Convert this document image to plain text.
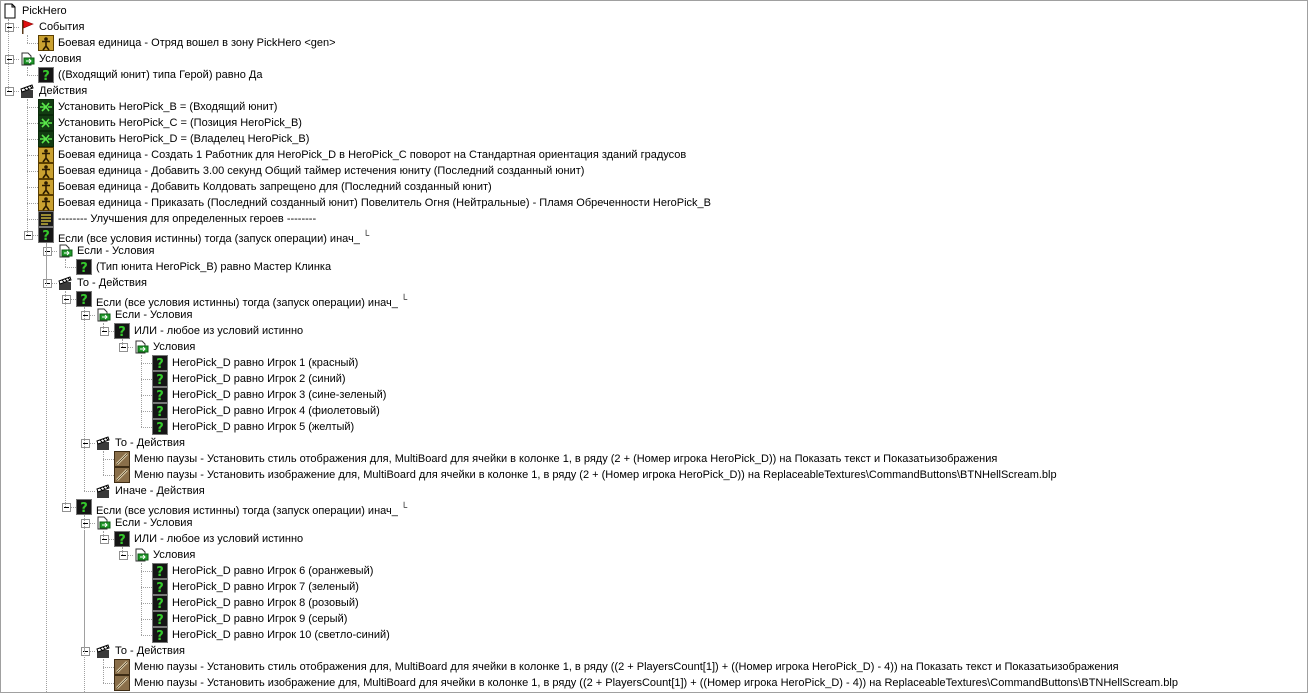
PickHero
События
Боевая единица - Отряд вошел в зону PickHero <gen>
Условия
? ((Входящий юнит) типа Герой) равно Да
Действия
Установить HeroPick_B = (Входящий юнит)
Установить HeroPick_C = (Позиция HeroPick_B)
Установить HeroPick_D = (Владелец HeroPick_B)
Боевая единица - Создать 1 Работник для HeroPick_D в HeroPick_C поворот на Стандартная ориентация зданий градусов
Боевая единица - Добавить 3.00 секунд Общий таймер истечения юниту (Последний созданный юнит)
Боевая единица - Добавить Колдовать запрещено для (Последний созданный юнит)
Боевая единица - Приказать (Последний созданный юнит) Повелитель Огня (Нейтральные) - Пламя Обреченности HeroPick_B
-------- Улучшения для определенных героев --------
? Если (все условия истинны) тогда (запуск операции) инач_ └
Если - Условия
? (Тип юнита HeroPick_B) равно Мастер Клинка
То - Действия
? Если (все условия истинны) тогда (запуск операции) инач_ └
Если - Условия
? ИЛИ - любое из условий истинно
Условия
? HeroPick_D равно Игрок 1 (красный)
? HeroPick_D равно Игрок 2 (синий)
? HeroPick_D равно Игрок 3 (сине-зеленый)
? HeroPick_D равно Игрок 4 (фиолетовый)
? HeroPick_D равно Игрок 5 (желтый)
То - Действия
Меню паузы - Установить стиль отображения для, MultiBoard для ячейки в колонке 1, в ряду (2 + (Номер игрока HeroPick_D)) на Показать текст и Показатьизображения
Меню паузы - Установить изображение для, MultiBoard для ячейки в колонке 1, в ряду (2 + (Номер игрока HeroPick_D)) на ReplaceableTextures\CommandButtons\BTNHellScream.blp
Иначе - Действия
? Если (все условия истинны) тогда (запуск операции) инач_ └
Если - Условия
? ИЛИ - любое из условий истинно
Условия
? HeroPick_D равно Игрок 6 (оранжевый)
? HeroPick_D равно Игрок 7 (зеленый)
? HeroPick_D равно Игрок 8 (розовый)
? HeroPick_D равно Игрок 9 (серый)
? HeroPick_D равно Игрок 10 (светло-синий)
То - Действия
Меню паузы - Установить стиль отображения для, MultiBoard для ячейки в колонке 1, в ряду ((2 + PlayersCount[1]) + ((Номер игрока HeroPick_D) - 4)) на Показать текст и Показатьизображения
Меню паузы - Установить изображение для, MultiBoard для ячейки в колонке 1, в ряду ((2 + PlayersCount[1]) + ((Номер игрока HeroPick_D) - 4)) на ReplaceableTextures\CommandButtons\BTNHellScream.blp
